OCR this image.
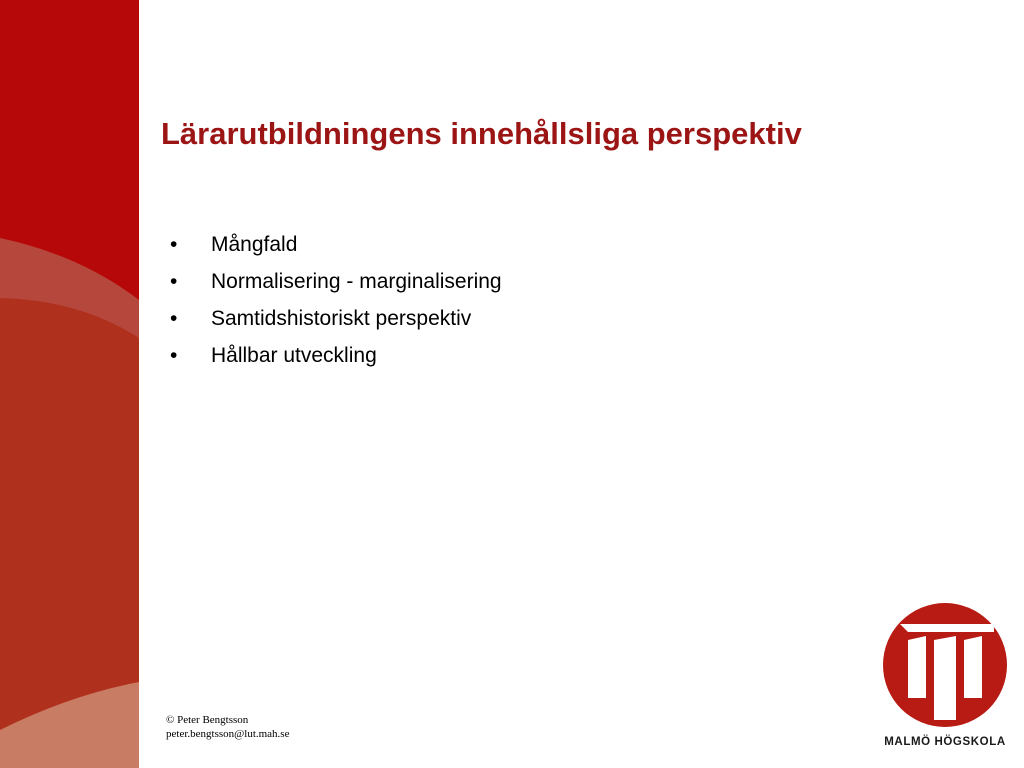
Lärarutbildningens innehållsliga perspektiv
•	Mångfald
•	Normalisering - marginalisering
•	Samtidshistoriskt perspektiv
•	Hållbar utveckling
© Peter Bengtsson
peter.bengtsson@lut.mah.se
MALMÖ HÖGSKOLA
